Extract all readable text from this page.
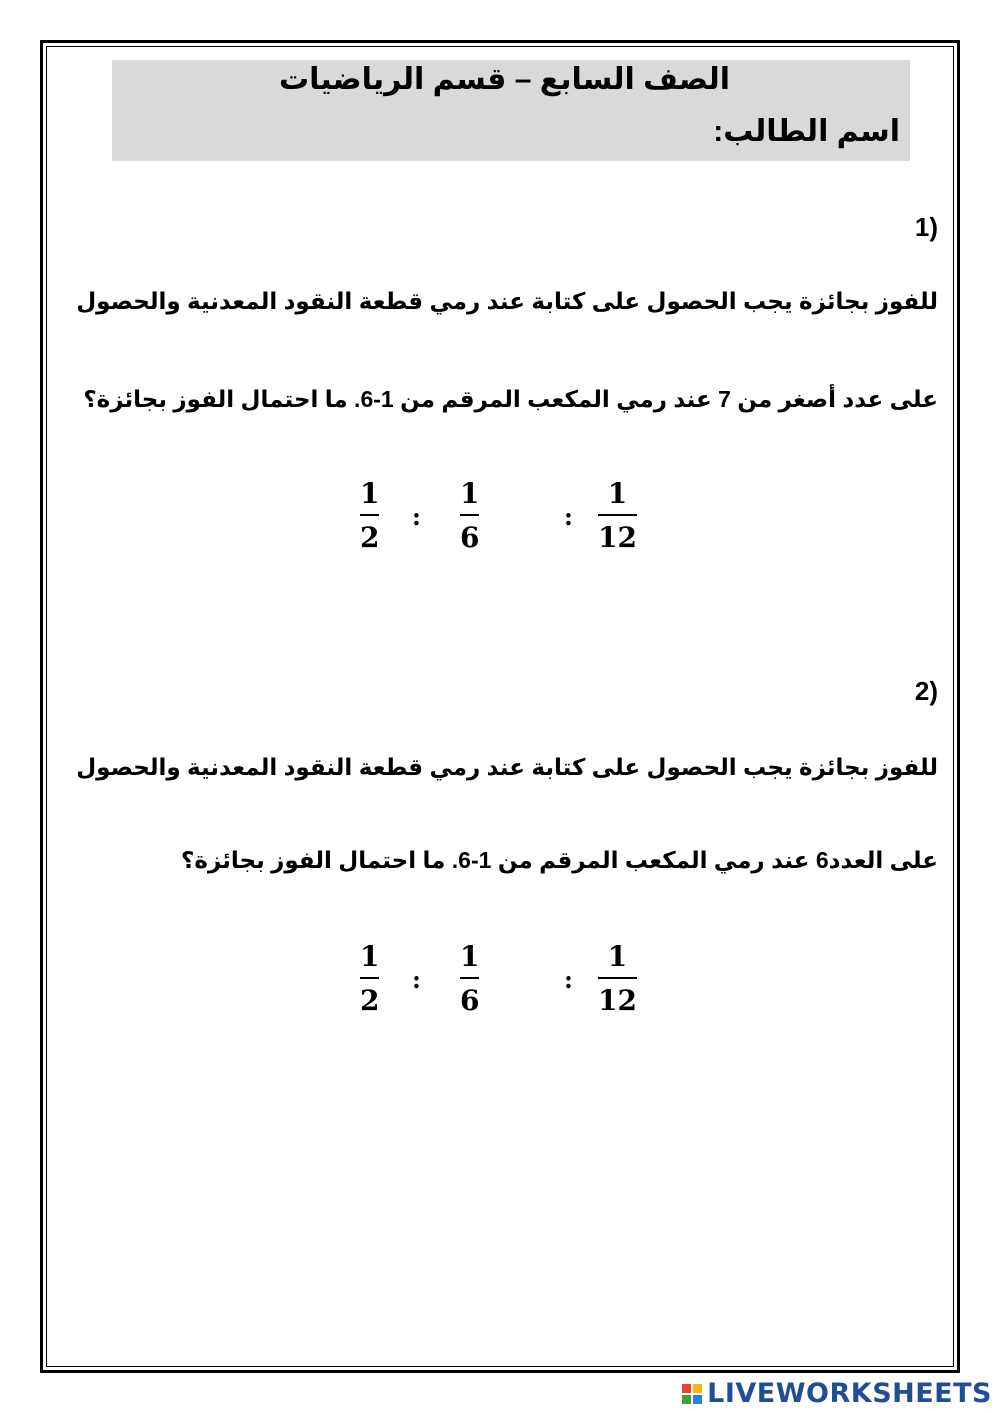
الصف السابع – قسم الرياضيات
اسم الطالب:
1)
للفوز بجائزة يجب الحصول على كتابة عند رمي قطعة النقود المعدنية والحصول
على عدد أصغر من 7 عند رمي المكعب المرقم من 1-6. ما احتمال الفوز بجائزة؟
1
2
:
1
6
:
1
12
2)
للفوز بجائزة يجب الحصول على كتابة عند رمي قطعة النقود المعدنية والحصول
على العدد6 عند رمي المكعب المرقم من 1-6. ما احتمال الفوز بجائزة؟
1
2
:
1
6
:
1
12
LIVEWORKSHEETS
